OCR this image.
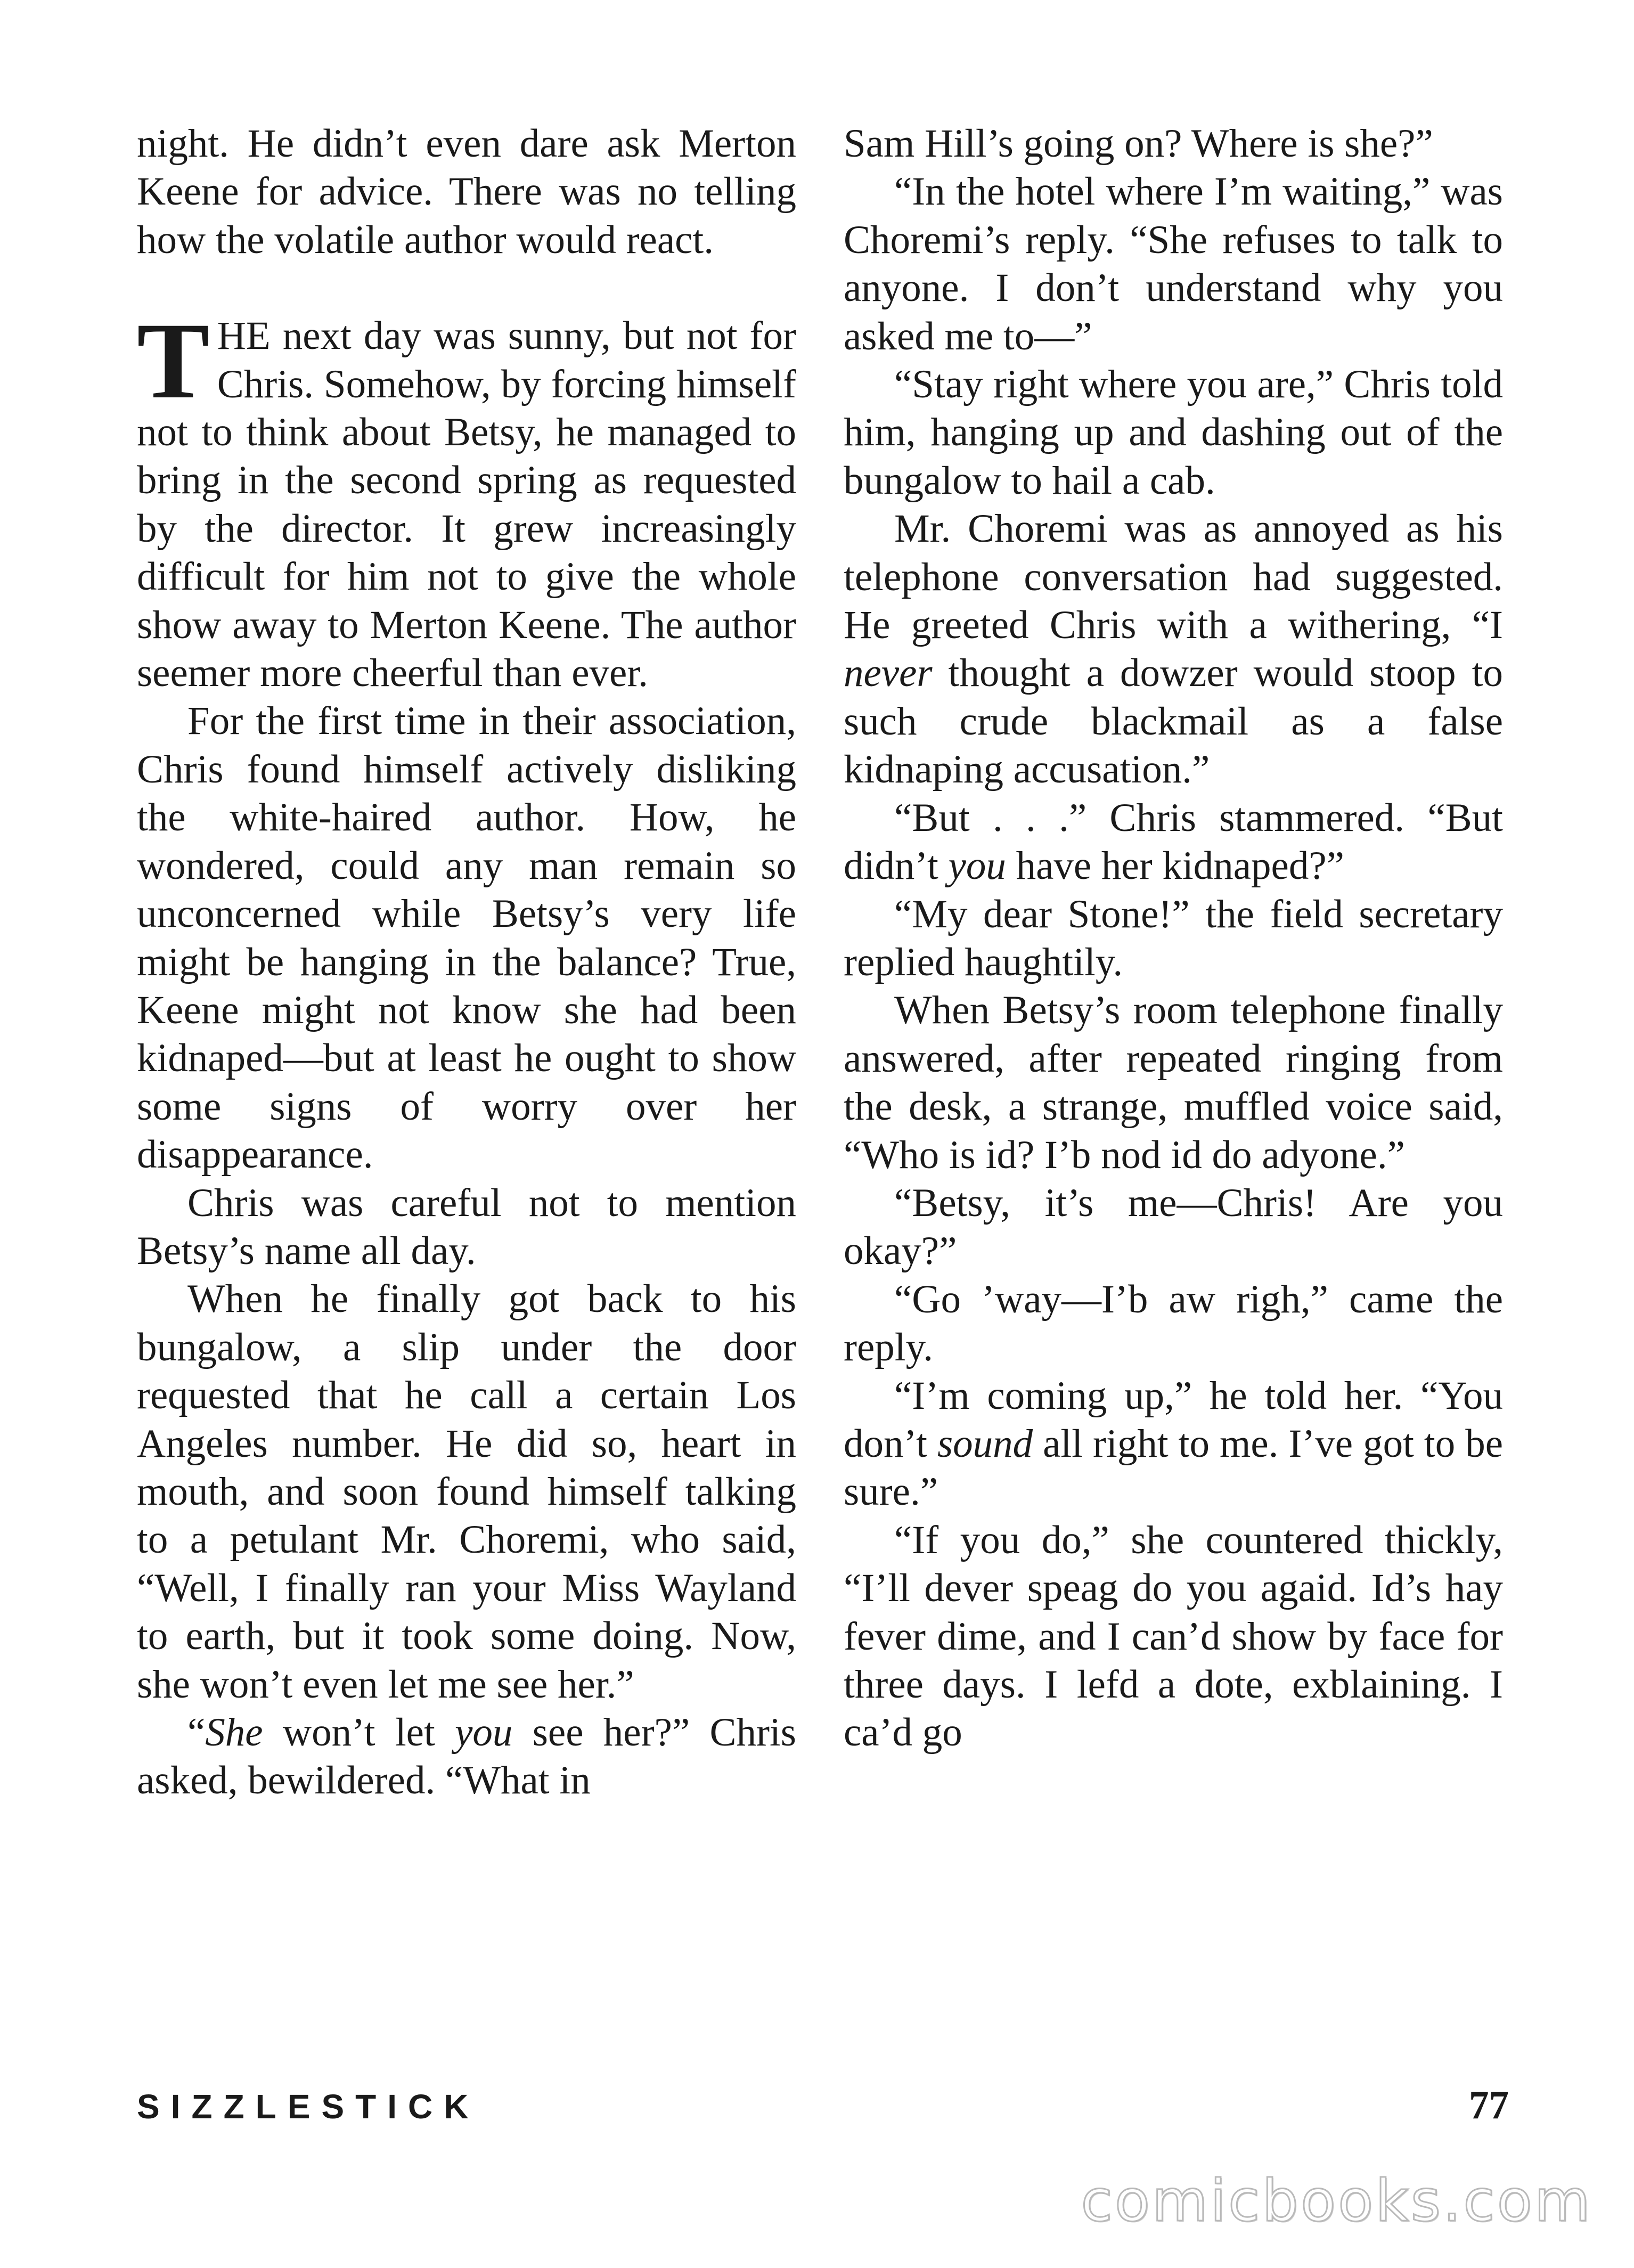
night. He didn’t even dare ask Merton Keene for advice. There was no telling how the volatile author would react.

THE next day was sunny, but not for Chris. Somehow, by forcing himself not to think about Betsy, he managed to bring in the second spring as requested by the director. It grew increasingly difficult for him not to give the whole show away to Merton Keene. The author seemer more cheerful than ever.

For the first time in their association, Chris found himself actively disliking the white-haired author. How, he wondered, could any man remain so unconcerned while Betsy’s very life might be hanging in the balance? True, Keene might not know she had been kidnaped—but at least he ought to show some signs of worry over her disappearance.

Chris was careful not to mention Betsy’s name all day.

When he finally got back to his bungalow, a slip under the door requested that he call a certain Los Angeles number. He did so, heart in mouth, and soon found himself talking to a petulant Mr. Choremi, who said, “Well, I finally ran your Miss Wayland to earth, but it took some doing. Now, she won’t even let me see her.”

“She won’t let you see her?” Chris asked, bewildered. “What in

Sam Hill’s going on? Where is she?”

“In the hotel where I’m waiting,” was Choremi’s reply. “She refuses to talk to anyone. I don’t understand why you asked me to—”

“Stay right where you are,” Chris told him, hanging up and dashing out of the bungalow to hail a cab.

Mr. Choremi was as annoyed as his telephone conversation had suggested. He greeted Chris with a withering, “I never thought a dowzer would stoop to such crude blackmail as a false kidnaping accusation.”

“But . . .” Chris stammered. “But didn’t you have her kidnaped?”

“My dear Stone!” the field secretary replied haughtily.

When Betsy’s room telephone finally answered, after repeated ringing from the desk, a strange, muffled voice said, “Who is id? I’b nod id do adyone.”

“Betsy, it’s me—Chris! Are you okay?”

“Go ’way—I’b aw righ,” came the reply.

“I’m coming up,” he told her. “You don’t sound all right to me. I’ve got to be sure.”

“If you do,” she countered thickly, “I’ll dever speag do you agaid. Id’s hay fever dime, and I can’d show by face for three days. I lefd a dote, exblaining. I ca’d go

SIZZLESTICK	77
comicbooks.com
